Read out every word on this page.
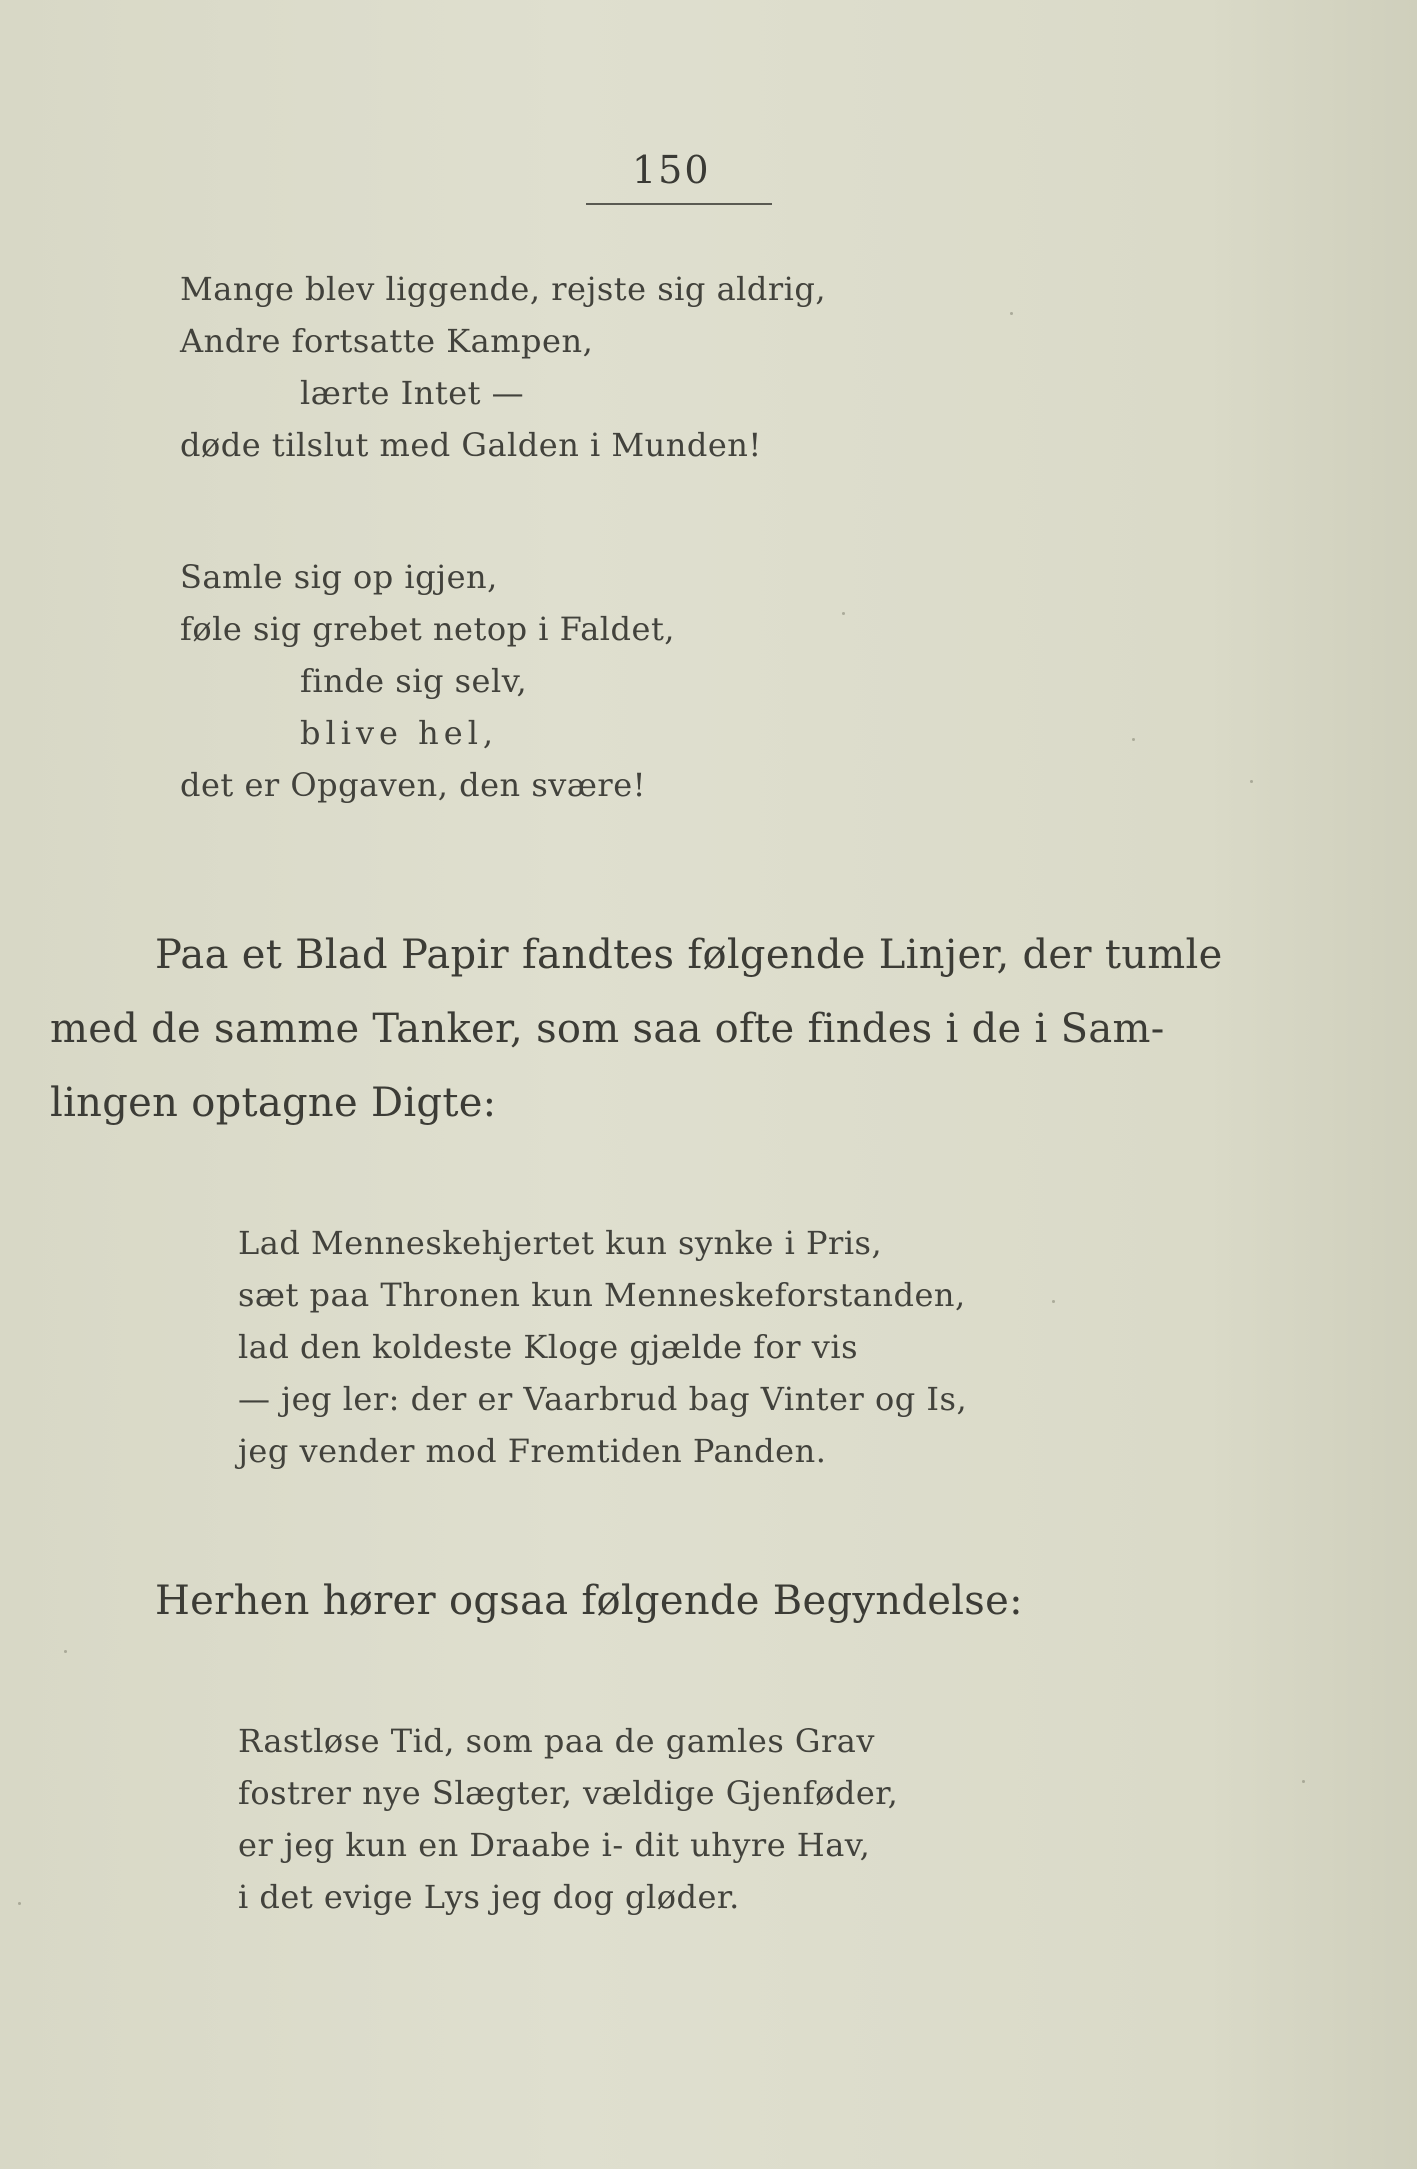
150
Mange blev liggende, rejste sig aldrig,
Andre fortsatte Kampen,
lærte Intet —
døde tilslut med Galden i Munden!
Samle sig op igjen,
føle sig grebet netop i Faldet,
finde sig selv,
blive hel,
det er Opgaven, den svære!
Paa et Blad Papir fandtes følgende Linjer, der tumle
med de samme Tanker, som saa ofte findes i de i Sam-
lingen optagne Digte:
Lad Menneskehjertet kun synke i Pris,
sæt paa Thronen kun Menneskeforstanden,
lad den koldeste Kloge gjælde for vis
— jeg ler: der er Vaarbrud bag Vinter og Is,
jeg vender mod Fremtiden Panden.
Herhen hører ogsaa følgende Begyndelse:
Rastløse Tid, som paa de gamles Grav
fostrer nye Slægter, vældige Gjenføder,
er jeg kun en Draabe i- dit uhyre Hav,
i det evige Lys jeg dog gløder.
